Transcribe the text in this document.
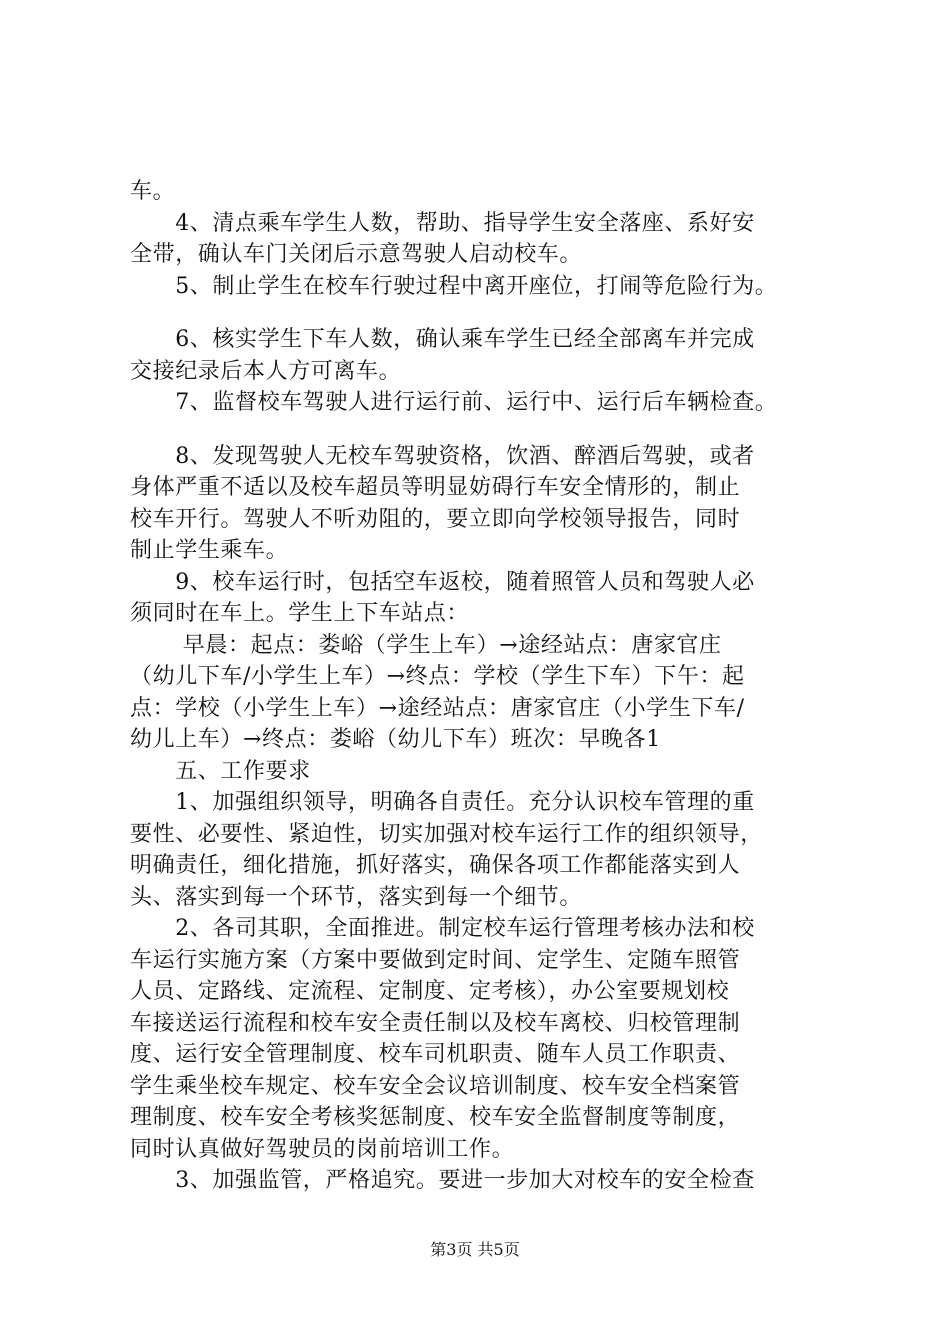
车。
　　4、清点乘车学生人数，帮助、指导学生安全落座、系好安
全带，确认车门关闭后示意驾驶人启动校车。
　　5、制止学生在校车行驶过程中离开座位，打闹等危险行为。
　　6、核实学生下车人数，确认乘车学生已经全部离车并完成
交接纪录后本人方可离车。
　　7、监督校车驾驶人进行运行前、运行中、运行后车辆检查。
　　8、发现驾驶人无校车驾驶资格，饮酒、醉酒后驾驶，或者
身体严重不适以及校车超员等明显妨碍行车安全情形的，制止
校车开行。驾驶人不听劝阻的，要立即向学校领导报告，同时
制止学生乘车。
　　9、校车运行时，包括空车返校，随着照管人员和驾驶人必
须同时在车上。学生上下车站点：
　　 早晨：起点：娄峪（学生上车）→途经站点：唐家官庄
（幼儿下车/小学生上车）→终点：学校（学生下车）下午：起
点：学校（小学生上车）→途经站点：唐家官庄（小学生下车/
幼儿上车）→终点：娄峪（幼儿下车）班次：早晚各1
　　五、工作要求
　　1、加强组织领导，明确各自责任。充分认识校车管理的重
要性、必要性、紧迫性，切实加强对校车运行工作的组织领导，
明确责任，细化措施，抓好落实，确保各项工作都能落实到人
头、落实到每一个环节，落实到每一个细节。
　　2、各司其职，全面推进。制定校车运行管理考核办法和校
车运行实施方案（方案中要做到定时间、定学生、定随车照管
人员、定路线、定流程、定制度、定考核），办公室要规划校
车接送运行流程和校车安全责任制以及校车离校、归校管理制
度、运行安全管理制度、校车司机职责、随车人员工作职责、
学生乘坐校车规定、校车安全会议培训制度、校车安全档案管
理制度、校车安全考核奖惩制度、校车安全监督制度等制度，
同时认真做好驾驶员的岗前培训工作。
　　3、加强监管，严格追究。要进一步加大对校车的安全检查
第3页 共5页
